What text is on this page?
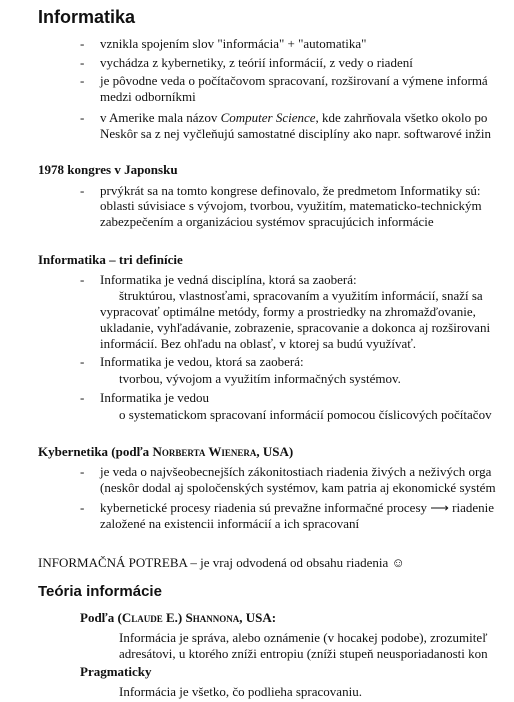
Informatika
- vznikla spojením slov "informácia" + "automatika"
- vychádza z kybernetiky, z teórií informácií, z vedy o riadení
- je pôvodne veda o počítačovom spracovaní, rozširovaní a výmene informá
medzi odborníkmi
- v Amerike mala názov Computer Science, kde zahrňovala všetko okolo po
Neskôr sa z nej vyčleňujú samostatné disciplíny ako napr. softwarové inžin
1978 kongres v Japonsku
- prvýkrát sa na tomto kongrese definovalo, že predmetom Informatiky sú:
oblasti súvisiace s vývojom, tvorbou, využitím, matematicko-technickým
zabezpečením a organizáciou systémov spracujúcich informácie
Informatika – tri definície
- Informatika je vedná disciplína, ktorá sa zaoberá:
štruktúrou, vlastnosťami, spracovaním a využitím informácií, snaží sa
vypracovať optimálne metódy, formy a prostriedky na zhromažďovanie,
ukladanie, vyhľadávanie, zobrazenie, spracovanie a dokonca aj rozširovani
informácií. Bez ohľadu na oblasť, v ktorej sa budú využívať.
- Informatika je vedou, ktorá sa zaoberá:
tvorbou, vývojom a využitím informačných systémov.
- Informatika je vedou
o systematickom spracovaní informácií pomocou číslicových počítačov
Kybernetika (podľa Norberta Wienera, USA)
- je veda o najvšeobecnejších zákonitostiach riadenia živých a neživých orga
(neskôr dodal aj spoločenských systémov, kam patria aj ekonomické systém
- kybernetické procesy riadenia sú prevažne informačné procesy ⟶ riadenie
založené na existencii informácií a ich spracovaní
INFORMAČNÁ POTREBA – je vraj odvodená od obsahu riadenia ☺
Teória informácie
Podľa (Claude E.) Shannona, USA:
Informácia je správa, alebo oznámenie (v hocakej podobe), zrozumiteľ
adresátovi, u ktorého zníži entropiu (zníži stupeň neusporiadanosti kon
Pragmaticky
Informácia je všetko, čo podlieha spracovaniu.
